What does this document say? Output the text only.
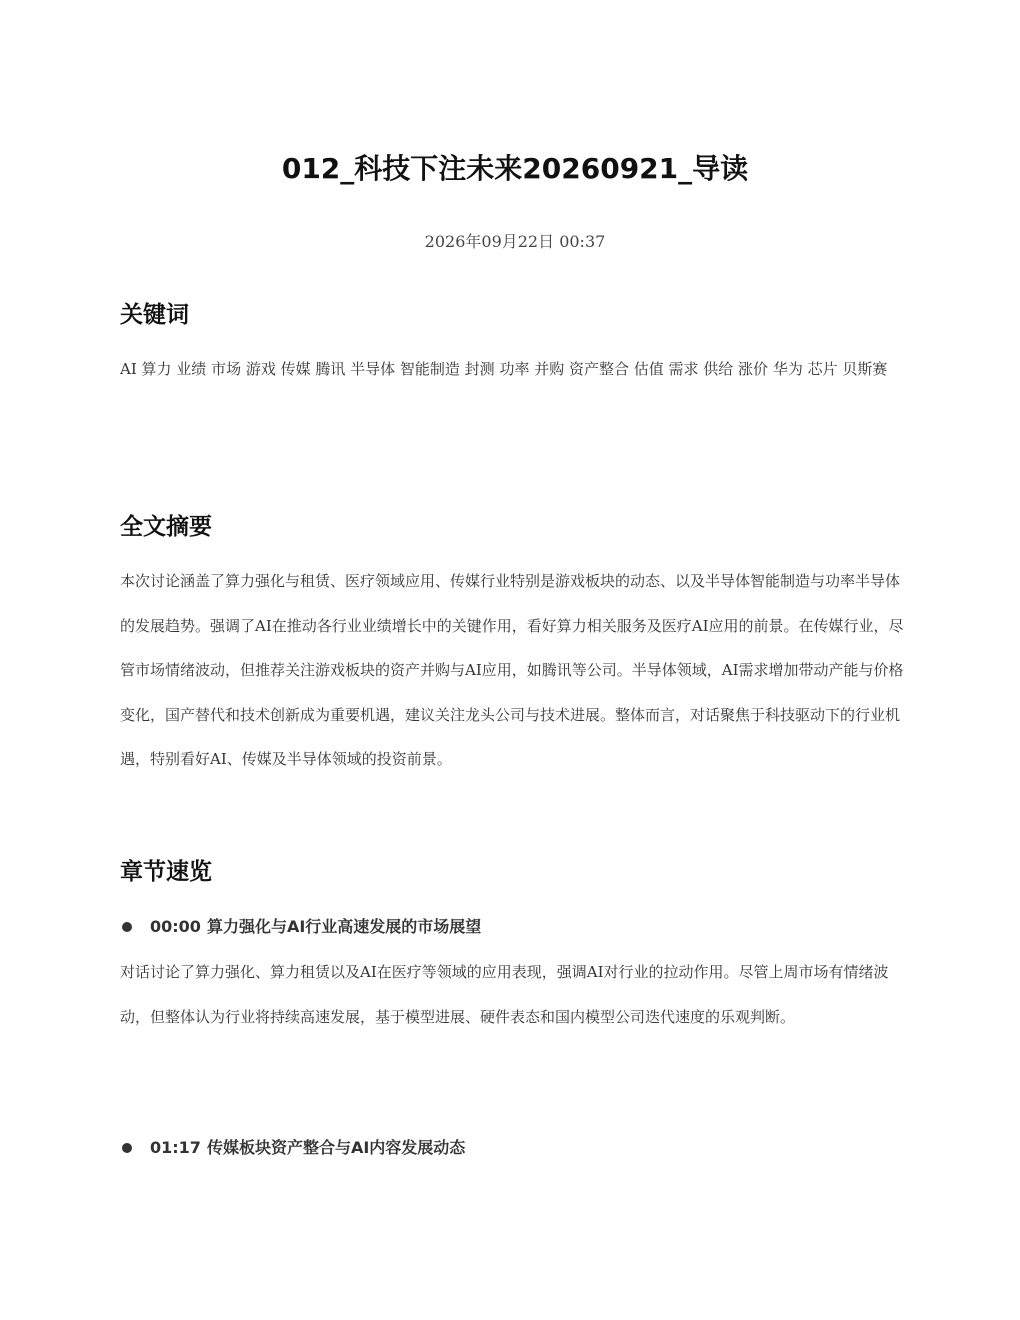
012_科技下注未来20260921_导读
2026年09月22日 00:37
关键词

AI 算力 业绩 市场 游戏 传媒 腾讯 半导体 智能制造 封测 功率 并购 资产整合 估值 需求 供给 涨价 华为 芯片 贝斯赛

全文摘要

本次讨论涵盖了算力强化与租赁、医疗领域应用、传媒行业特别是游戏板块的动态、以及半导体智能制造与功率半导体的发展趋势。强调了AI在推动各行业业绩增长中的关键作用，看好算力相关服务及医疗AI应用的前景。在传媒行业，尽管市场情绪波动，但推荐关注游戏板块的资产并购与AI应用，如腾讯等公司。半导体领域，AI需求增加带动产能与价格变化，国产替代和技术创新成为重要机遇，建议关注龙头公司与技术进展。整体而言，对话聚焦于科技驱动下的行业机遇，特别看好AI、传媒及半导体领域的投资前景。

章节速览
00:00 算力强化与AI行业高速发展的市场展望

对话讨论了算力强化、算力租赁以及AI在医疗等领域的应用表现，强调AI对行业的拉动作用。尽管上周市场有情绪波动，但整体认为行业将持续高速发展，基于模型进展、硬件表态和国内模型公司迭代速度的乐观判断。

01:17 传媒板块资产整合与AI内容发展动态
